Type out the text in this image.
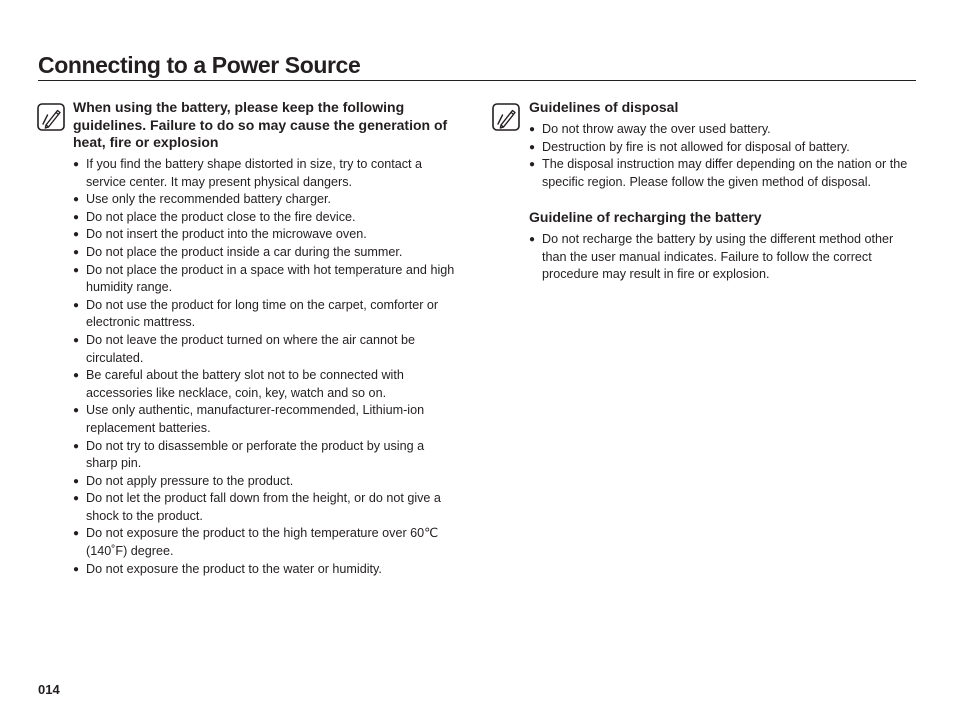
Connecting to a Power Source
When using the battery, please keep the following guidelines. Failure to do so may cause the generation of heat, fire or explosion
● If you find the battery shape distorted in size, try to contact a service center. It may present physical dangers.
● Use only the recommended battery charger.
● Do not place the product close to the fire device.
● Do not insert the product into the microwave oven.
● Do not place the product inside a car during the summer.
● Do not place the product in a space with hot temperature and high humidity range.
● Do not use the product for long time on the carpet, comforter or electronic mattress.
● Do not leave the product turned on where the air cannot be circulated.
● Be careful about the battery slot not to be connected with accessories like necklace, coin, key, watch and so on.
● Use only authentic, manufacturer-recommended, Lithium-ion replacement batteries.
● Do not try to disassemble or perforate the product by using a sharp pin.
● Do not apply pressure to the product.
● Do not let the product fall down from the height, or do not give a shock to the product.
● Do not exposure the product to the high temperature over 60℃ (140˚F) degree.
● Do not exposure the product to the water or humidity.
Guidelines of disposal
● Do not throw away the over used battery.
● Destruction by fire is not allowed for disposal of battery.
● The disposal instruction may differ depending on the nation or the specific region. Please follow the given method of disposal.
Guideline of recharging the battery
● Do not recharge the battery by using the different method other than the user manual indicates. Failure to follow the correct procedure may result in fire or explosion.
014
